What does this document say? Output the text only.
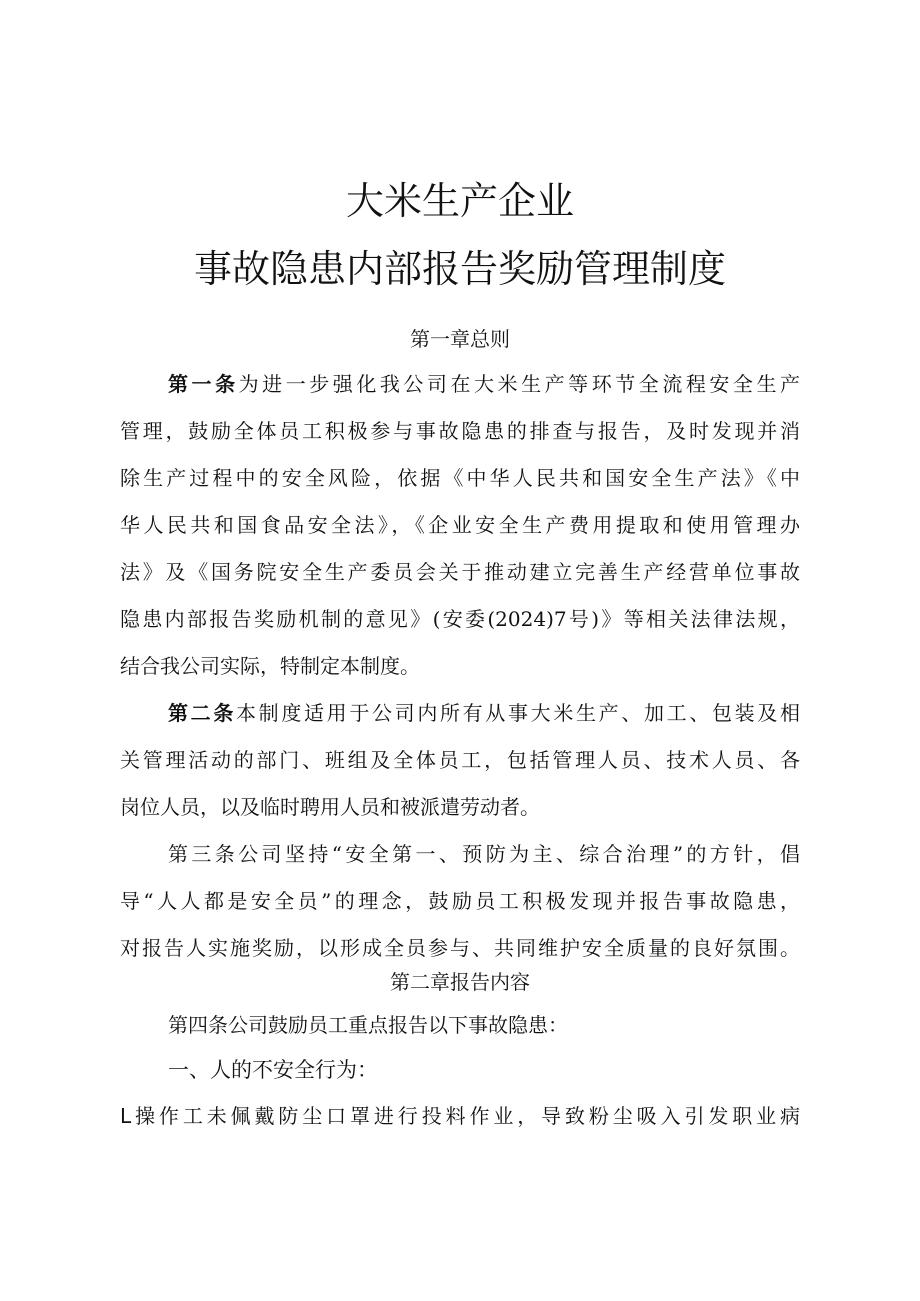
大米生产企业
事故隐患内部报告奖励管理制度
第一章总则
第一条为进一步强化我公司在大米生产等环节全流程安全生产
管理，鼓励全体员工积极参与事故隐患的排查与报告，及时发现并消
除生产过程中的安全风险，依据《中华人民共和国安全生产法》《中
华人民共和国食品安全法》，《企业安全生产费用提取和使用管理办
法》及《国务院安全生产委员会关于推动建立完善生产经营单位事故
隐患内部报告奖励机制的意见》(安委(2024)7号)》等相关法律法规，
结合我公司实际，特制定本制度。
第二条本制度适用于公司内所有从事大米生产、加工、包装及相
关管理活动的部门、班组及全体员工，包括管理人员、技术人员、各
岗位人员，以及临时聘用人员和被派遣劳动者。
第三条公司坚持“安全第一、预防为主、综合治理”的方针，倡
导“人人都是安全员”的理念，鼓励员工积极发现并报告事故隐患，
对报告人实施奖励，以形成全员参与、共同维护安全质量的良好氛围。
第二章报告内容
第四条公司鼓励员工重点报告以下事故隐患：
一、人的不安全行为：
L操作工未佩戴防尘口罩进行投料作业，导致粉尘吸入引发职业病
